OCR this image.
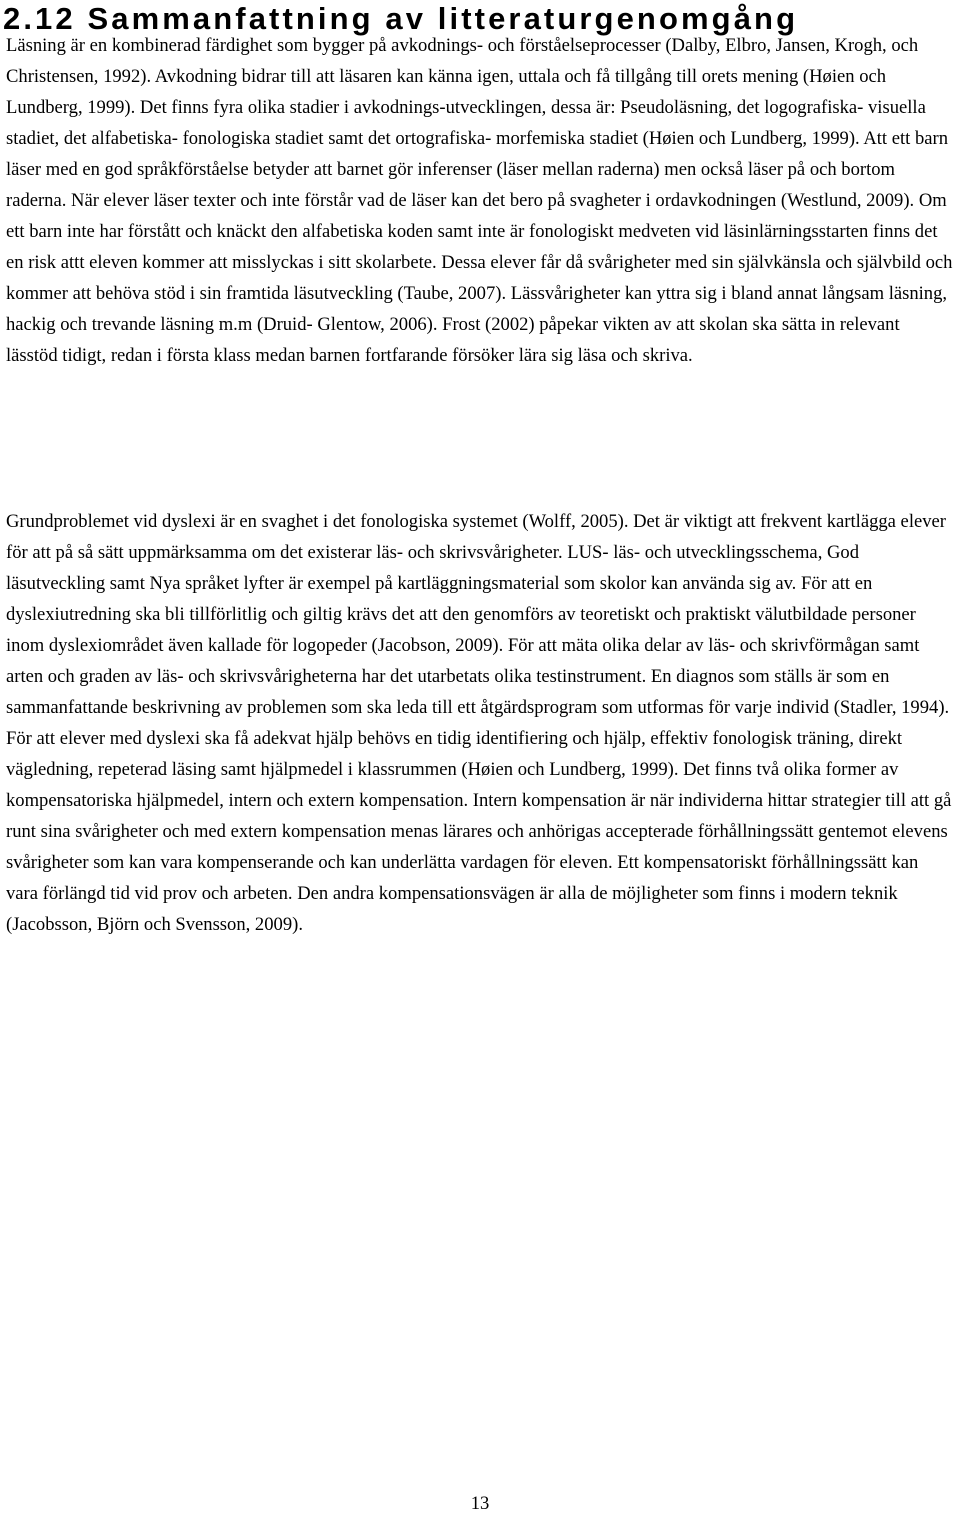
2.12 Sammanfattning av litteraturgenomgång

Läsning är en kombinerad färdighet som bygger på avkodnings- och förståelseprocesser (Dalby, Elbro, Jansen, Krogh, och Christensen, 1992). Avkodning bidrar till att läsaren kan känna igen, uttala och få tillgång till orets mening (Høien och Lundberg, 1999). Det finns fyra olika stadier i avkodnings-utvecklingen, dessa är: Pseudoläsning, det logografiska- visuella stadiet, det alfabetiska- fonologiska stadiet samt det ortografiska- morfemiska stadiet (Høien och Lundberg, 1999). Att ett barn läser med en god språkförståelse betyder att barnet gör inferenser (läser mellan raderna) men också läser på och bortom raderna. När elever läser texter och inte förstår vad de läser kan det bero på svagheter i ordavkodningen (Westlund, 2009). Om ett barn inte har förstått och knäckt den alfabetiska koden samt inte är fonologiskt medveten vid läsinlärningsstarten finns det en risk attt eleven kommer att misslyckas i sitt skolarbete. Dessa elever får då svårigheter med sin självkänsla och självbild och kommer att behöva stöd i sin framtida läsutveckling (Taube, 2007). Lässvårigheter kan yttra sig i bland annat långsam läsning, hackig och trevande läsning m.m (Druid- Glentow, 2006). Frost (2002) påpekar vikten av att skolan ska sätta in relevant lässtöd tidigt, redan i första klass medan barnen fortfarande försöker lära sig läsa och skriva.

Grundproblemet vid dyslexi är en svaghet i det fonologiska systemet (Wolff, 2005). Det är viktigt att frekvent kartlägga elever för att på så sätt uppmärksamma om det existerar läs- och skrivsvårigheter. LUS- läs- och utvecklingsschema, God läsutveckling samt Nya språket lyfter är exempel på kartläggningsmaterial som skolor kan använda sig av. För att en dyslexiutredning ska bli tillförlitlig och giltig krävs det att den genomförs av teoretiskt och praktiskt välutbildade personer inom dyslexiområdet även kallade för logopeder (Jacobson, 2009). För att mäta olika delar av läs- och skrivförmågan samt arten och graden av läs- och skrivsvårigheterna har det utarbetats olika testinstrument. En diagnos som ställs är som en sammanfattande beskrivning av problemen som ska leda till ett åtgärdsprogram som utformas för varje individ (Stadler, 1994). För att elever med dyslexi ska få adekvat hjälp behövs en tidig identifiering och hjälp, effektiv fonologisk träning, direkt vägledning, repeterad läsing samt hjälpmedel i klassrummen (Høien och Lundberg, 1999). Det finns två olika former av kompensatoriska hjälpmedel, intern och extern kompensation. Intern kompensation är när individerna hittar strategier till att gå runt sina svårigheter och med extern kompensation menas lärares och anhörigas accepterade förhållningssätt gentemot elevens svårigheter som kan vara kompenserande och kan underlätta vardagen för eleven. Ett kompensatoriskt förhållningssätt kan vara förlängd tid vid prov och arbeten. Den andra kompensationsvägen är alla de möjligheter som finns i modern teknik (Jacobsson, Björn och Svensson, 2009).

13
